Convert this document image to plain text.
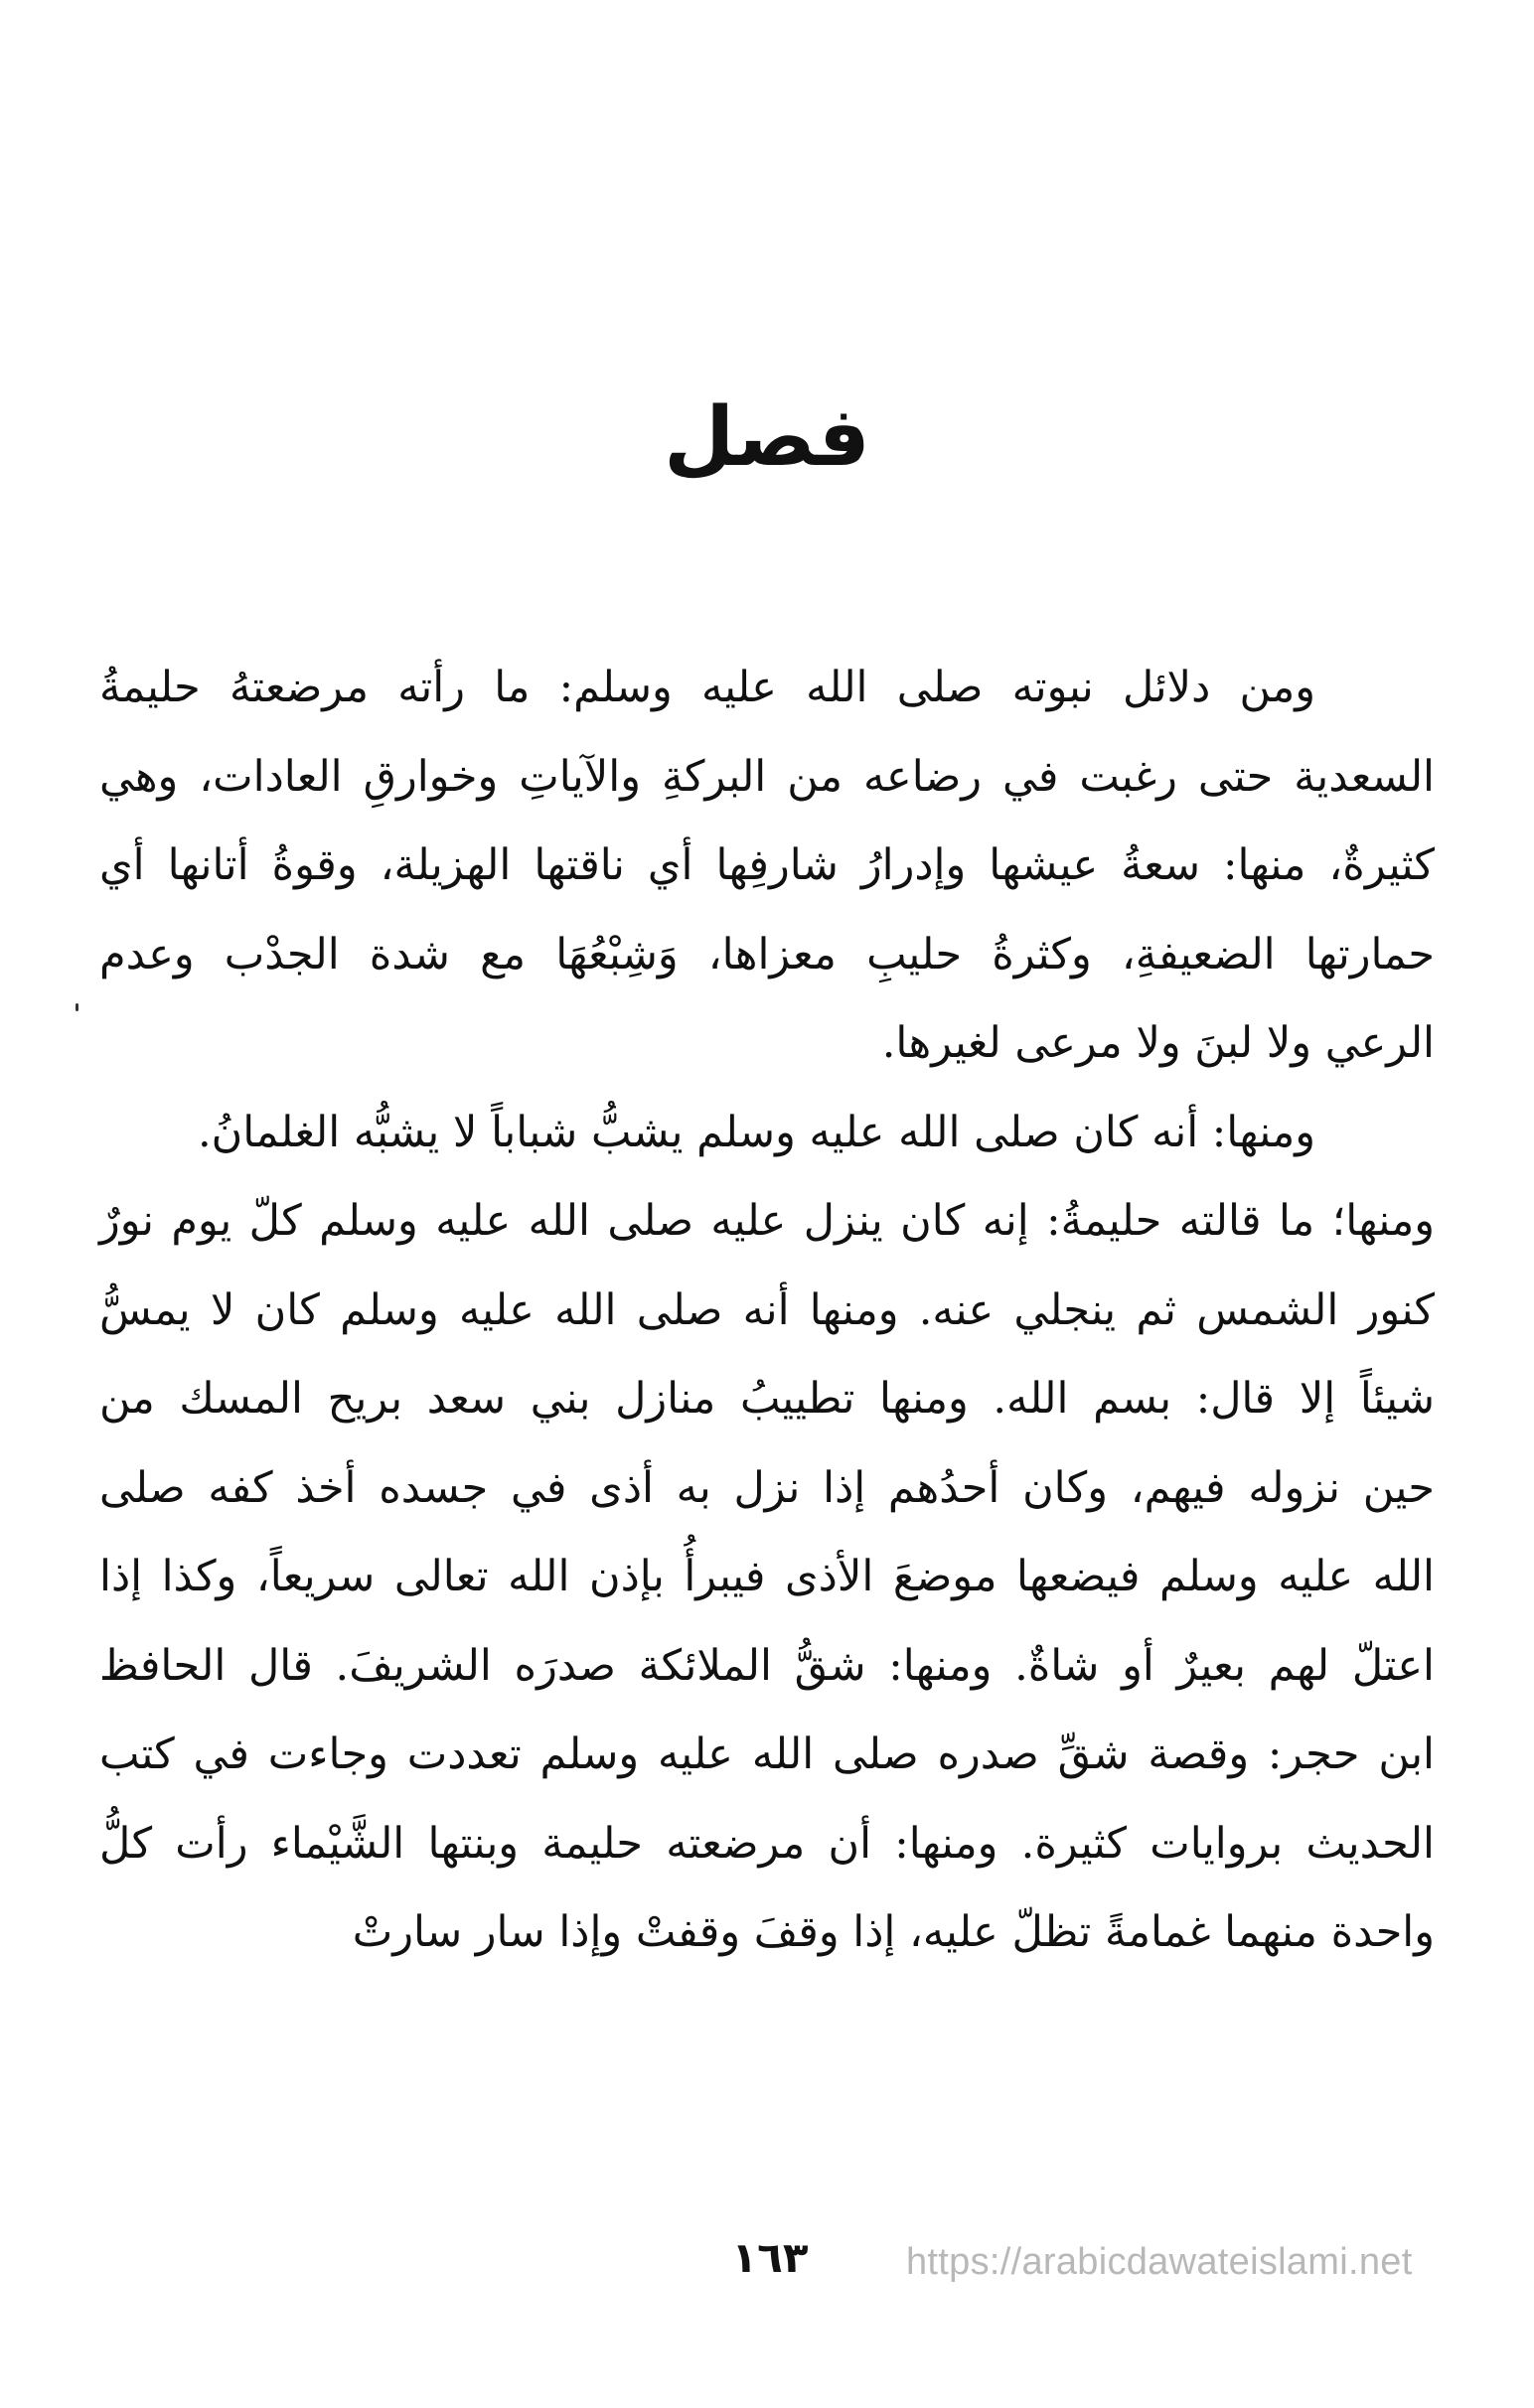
فصل

ومن دلائل نبوته صلى الله عليه وسلم: ما رأته مرضعتهُ حليمةُ
السعدية حتى رغبت في رضاعه من البركةِ والآياتِ وخوارقِ العادات، وهي
كثيرةٌ، منها: سعةُ عيشها وإدرارُ شارفِها أي ناقتها الهزيلة، وقوةُ أتانها أي
حمارتها الضعيفةِ، وكثرةُ حليبِ معزاها، وَشِبْعُهَا مع شدة الجدْب وعدم
الرعي ولا لبنَ ولا مرعى لغيرها.

ومنها: أنه كان صلى الله عليه وسلم يشبُّ شباباً لا يشبُّه الغلمانُ.

ومنها؛ ما قالته حليمةُ: إنه كان ينزل عليه صلى الله عليه وسلم كلّ يوم نورٌ
كنور الشمس ثم ينجلي عنه. ومنها أنه صلى الله عليه وسلم كان لا يمسُّ
شيئاً إلا قال: بسم الله. ومنها تطييبُ منازل بني سعد بريح المسك من
حين نزوله فيهم، وكان أحدُهم إذا نزل به أذى في جسده أخذ كفه صلى
الله عليه وسلم فيضعها موضعَ الأذى فيبرأُ بإذن الله تعالى سريعاً، وكذا إذا
اعتلّ لهم بعيرٌ أو شاةٌ. ومنها: شقُّ الملائكة صدرَه الشريفَ. قال الحافظ
ابن حجر: وقصة شقِّ صدره صلى الله عليه وسلم تعددت وجاءت في كتب
الحديث بروايات كثيرة. ومنها: أن مرضعته حليمة وبنتها الشَّيْماء رأت كلُّ
واحدة منهما غمامةً تظلّ عليه، إذا وقفَ وقفتْ وإذا سار سارتْ

١٦٣	https://arabicdawateislami.net
